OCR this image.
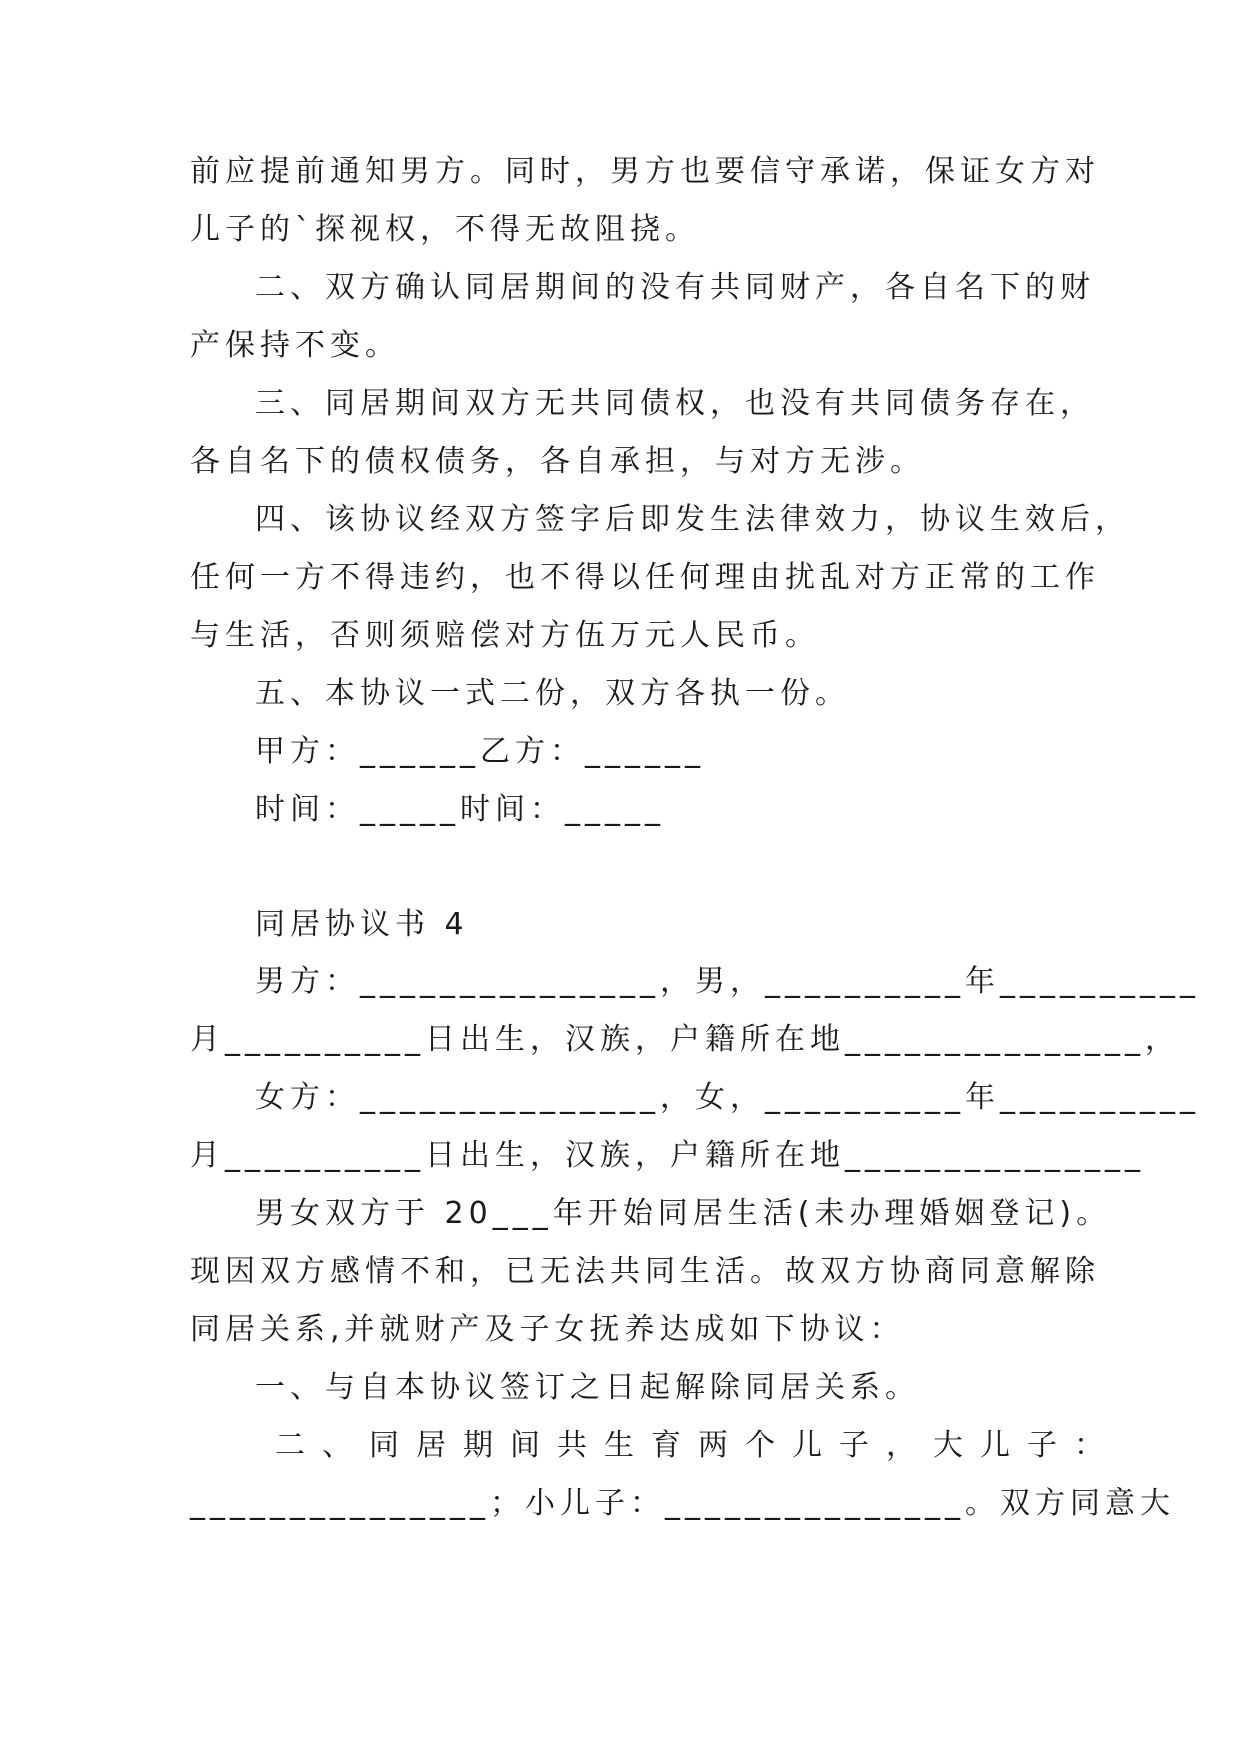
前应提前通知男方。同时，男方也要信守承诺，保证女方对
儿子的`探视权，不得无故阻挠。
二、双方确认同居期间的没有共同财产，各自名下的财
产保持不变。
三、同居期间双方无共同债权，也没有共同债务存在，
各自名下的债权债务，各自承担，与对方无涉。
四、该协议经双方签字后即发生法律效力，协议生效后，
任何一方不得违约，也不得以任何理由扰乱对方正常的工作
与生活，否则须赔偿对方伍万元人民币。
五、本协议一式二份，双方各执一份。
甲方：______乙方：______
时间：_____时间：_____
同居协议书 4
男方：_______________，男，__________年__________
月__________日出生，汉族，户籍所在地_______________，
女方：_______________，女，__________年__________
月__________日出生，汉族，户籍所在地_______________
男女双方于 20___年开始同居生活(未办理婚姻登记)。
现因双方感情不和，已无法共同生活。故双方协商同意解除
同居关系,并就财产及子女抚养达成如下协议：
一、与自本协议签订之日起解除同居关系。
二、同居期间共生育两个儿子，大儿子：
_______________；小儿子：_______________。双方同意大
